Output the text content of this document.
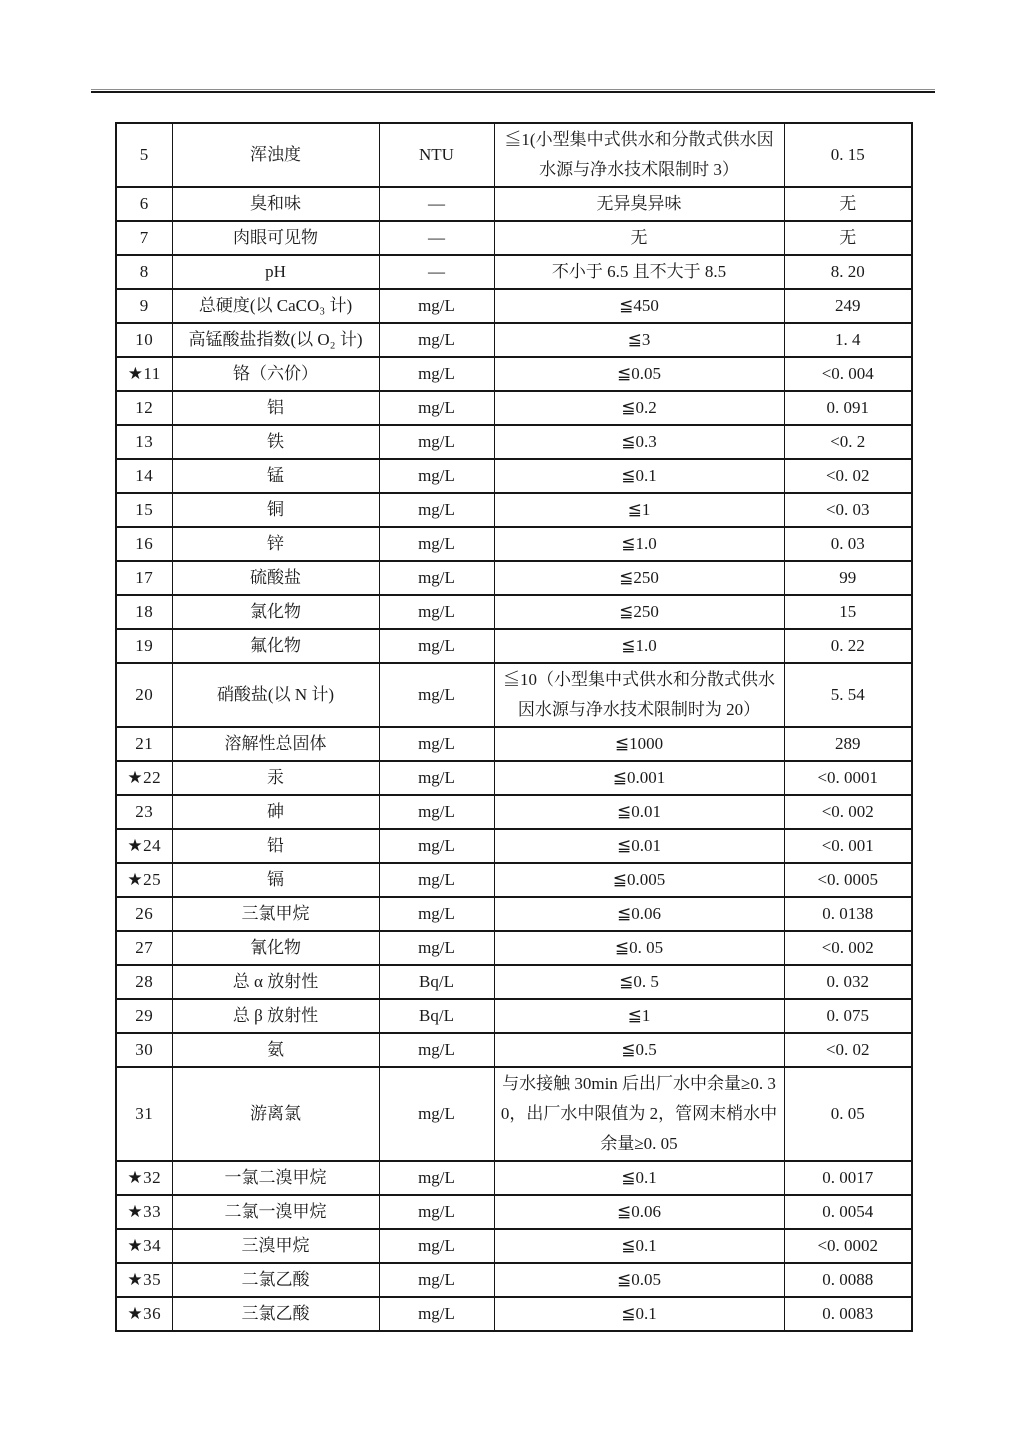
5	浑浊度	NTU	≦1(小型集中式供水和分散式供水因水源与净水技术限制时 3）	0. 15
6	臭和味	—	无异臭异味	无
7	肉眼可见物	—	无	无
8	pH	—	不小于 6.5 且不大于 8.5	8. 20
9	总硬度(以 CaCO₃ 计)	mg/L	≦450	249
10	高锰酸盐指数(以 O₂ 计)	mg/L	≦3	1. 4
★11	铬（六价）	mg/L	≦0.05	<0. 004
12	铝	mg/L	≦0.2	0. 091
13	铁	mg/L	≦0.3	<0. 2
14	锰	mg/L	≦0.1	<0. 02
15	铜	mg/L	≦1	<0. 03
16	锌	mg/L	≦1.0	0. 03
17	硫酸盐	mg/L	≦250	99
18	氯化物	mg/L	≦250	15
19	氟化物	mg/L	≦1.0	0. 22
20	硝酸盐(以 N 计)	mg/L	≦10（小型集中式供水和分散式供水因水源与净水技术限制时为 20）	5. 54
21	溶解性总固体	mg/L	≦1000	289
★22	汞	mg/L	≦0.001	<0. 0001
23	砷	mg/L	≦0.01	<0. 002
★24	铅	mg/L	≦0.01	<0. 001
★25	镉	mg/L	≦0.005	<0. 0005
26	三氯甲烷	mg/L	≦0.06	0. 0138
27	氰化物	mg/L	≦0. 05	<0. 002
28	总 α 放射性	Bq/L	≦0. 5	0. 032
29	总 β 放射性	Bq/L	≦1	0. 075
30	氨	mg/L	≦0.5	<0. 02
31	游离氯	mg/L	与水接触 30min 后出厂水中余量≥0. 30，出厂水中限值为 2，管网末梢水中余量≥0. 05	0. 05
★32	一氯二溴甲烷	mg/L	≦0.1	0. 0017
★33	二氯一溴甲烷	mg/L	≦0.06	0. 0054
★34	三溴甲烷	mg/L	≦0.1	<0. 0002
★35	二氯乙酸	mg/L	≦0.05	0. 0088
★36	三氯乙酸	mg/L	≦0.1	0. 0083
